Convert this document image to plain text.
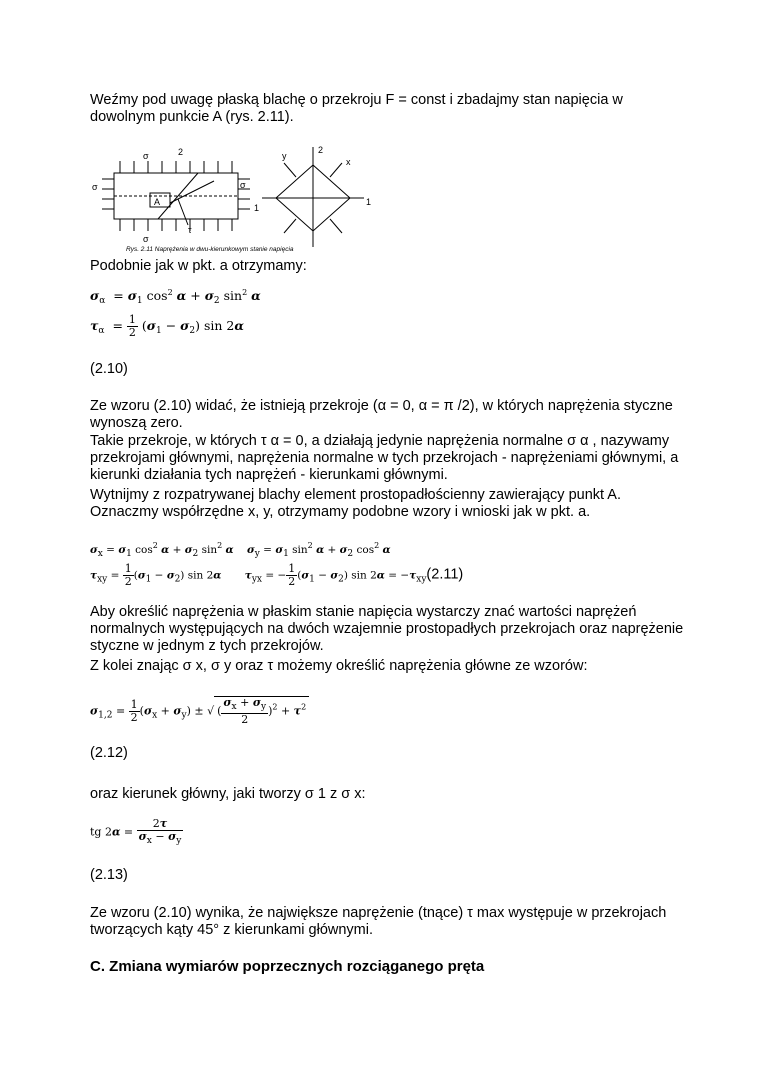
Weźmy pod uwagę płaską blachę o przekroju F = const i zbadajmy stan napięcia w dowolnym punkcie A (rys. 2.11).

σ	2
σ	σ
1
A
τ
σ
2
y
x
1
Rys. 2.11 Naprężenia w dwu-kierunkowym stanie napięcia

Podobnie jak w pkt. a otrzymamy:

$\sigma_\alpha = \sigma_1$ $\cos^2 \alpha + \sigma_2$ $\sin^2 \alpha$
$\tau_\alpha = \frac{1}{2} (\sigma_1 - \sigma_2)$ sin 2α

(2.10)

Ze wzoru (2.10) widać, że istnieją przekroje (α = 0, α = π /2), w których naprężenia styczne wynoszą zero.

Takie przekroje, w których τ α = 0, a działają jedynie naprężenia normalne σ α , nazywamy przekrojami głównymi, naprężenia normalne w tych przekrojach - naprężeniami głównymi, a kierunki działania tych naprężeń - kierunkami głównymi.

Wytnijmy z rozpatrywanej blachy element prostopadłościenny zawierający punkt A. Oznaczmy współrzędne x, y, otrzymamy podobne wzory i wnioski jak w pkt. a.

$\sigma_x = \sigma_1$ $\cos^2 \alpha + \sigma_2$ $\sin^2 \alpha$ $\sigma_y = \sigma_1$ $\sin^2 \alpha + \sigma_2$ $\cos^2 \alpha$
$\tau_{xy} = \frac{1}{2} (\sigma_1 - \sigma_2)$ sin 2α $\tau_{yx}$ = − $\frac{1}{2} (\sigma_1 - \sigma_2)$ $\sin 2\alpha = -\tau_{xy}(2.11)$

Aby określić naprężenia w płaskim stanie napięcia wystarczy znać wartości naprężeń normalnych występujących na dwóch wzajemnie prostopadłych przekrojach oraz naprężenie styczne w jednym z tych przekrojów.

Z kolei znając σ x, σ y oraz τ możemy określić naprężenia główne ze wzorów:

$\sigma_{1,2} = \frac{1}{2} (\sigma_x + \sigma_y)$ ± √ ( $\frac{\sigma_x + \sigma_y}{2} )^2 + \tau^2$

(2.12)

oraz kierunek główny, jaki tworzy σ 1 z σ x:

tg $2\alpha = \frac{2\tau}{\sigma_x - \sigma_y}$

(2.13)

Ze wzoru (2.10) wynika, że największe naprężenie (tnące) τ max występuje w przekrojach tworzących kąty 45° z kierunkami głównymi.

C. Zmiana wymiarów poprzecznych rozciąganego pręta
